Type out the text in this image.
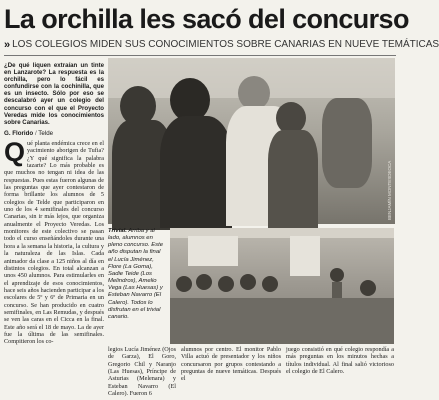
La orchilla les sacó del concurso
» LOS COLEGIOS MIDEN SUS CONOCIMIENTOS SOBRE CANARIAS EN NUEVE TEMÁTICAS
¿De qué liquen extraían un tinte en Lanzarote? La respuesta es la orchilla, pero lo fácil es confundirse con la cochinilla, que es un insecto. Sólo por eso se descalabró ayer un colegio del concurso con el que el Proyecto Veredas mide los conocimientos sobre Canarias.
G. Florido / Telde
BENJAMÍN MONTESDEOCA
Qué planta endémica crece en el yacimiento aborigen de Tufia? ¿Y qué significa la palabra tazarte? Lo más probable es que muchos no tengan ni idea de las respuestas. Pues estas fueron algunas de las preguntas que ayer contestaron de forma brillante los alumnos de 5 colegios de Telde que participaron en uno de los 4 semifinales del concurso Canarias, sin ir más lejos, que organiza anualmente el Proyecto Veredas. Los monitores de este colectivo se pasan todo el curso enseñándoles durante una hora a la semana la historia, la cultura y la naturaleza de las Islas. Cada animador da clase a 125 niños al día en distintos colegios. En total alcanzan a unos 450 alumnos. Para estimularles en el aprendizaje de esos conocimientos, hace seis años hacienden participar a los escolares de 5º y 6º de Primaria en un concurso. Se han producido en cuatro semifinales, en Las Remudas, y después se ven las caras en el Cicca en la final. Este año será el 18 de mayo. La de ayer fue la última de las semifinales. Compitieron los co-
Trivial. Arriba y al lado, alumnos en pleno concurso. Este año disputan la final el Lucía Jiménez, Flore (La Goma), Sadie Teide (Los Melindros), Amelio Vega (Las Huesas) y Esteban Navarro (El Calero). Todos lo disfrutan en el trivial canario.
legios Lucía Jiménez (Ojos de Garza), El Goro, Gregorio Chil y Naranjo (Las Huesas), Príncipe de Asturias (Melenara) y Esteban Navarro (El Calero). Fueron 6
alumnos por centro. El monitor Pablo Villa actuó de presentador y los niños concursaron por grupos contestando a preguntas de nueve temáticas. Después el
juego consistió en qué colegio respondía a más preguntas en los minutos hechas a títulos individual. Al final salió victorioso el colegio de El Calero.
